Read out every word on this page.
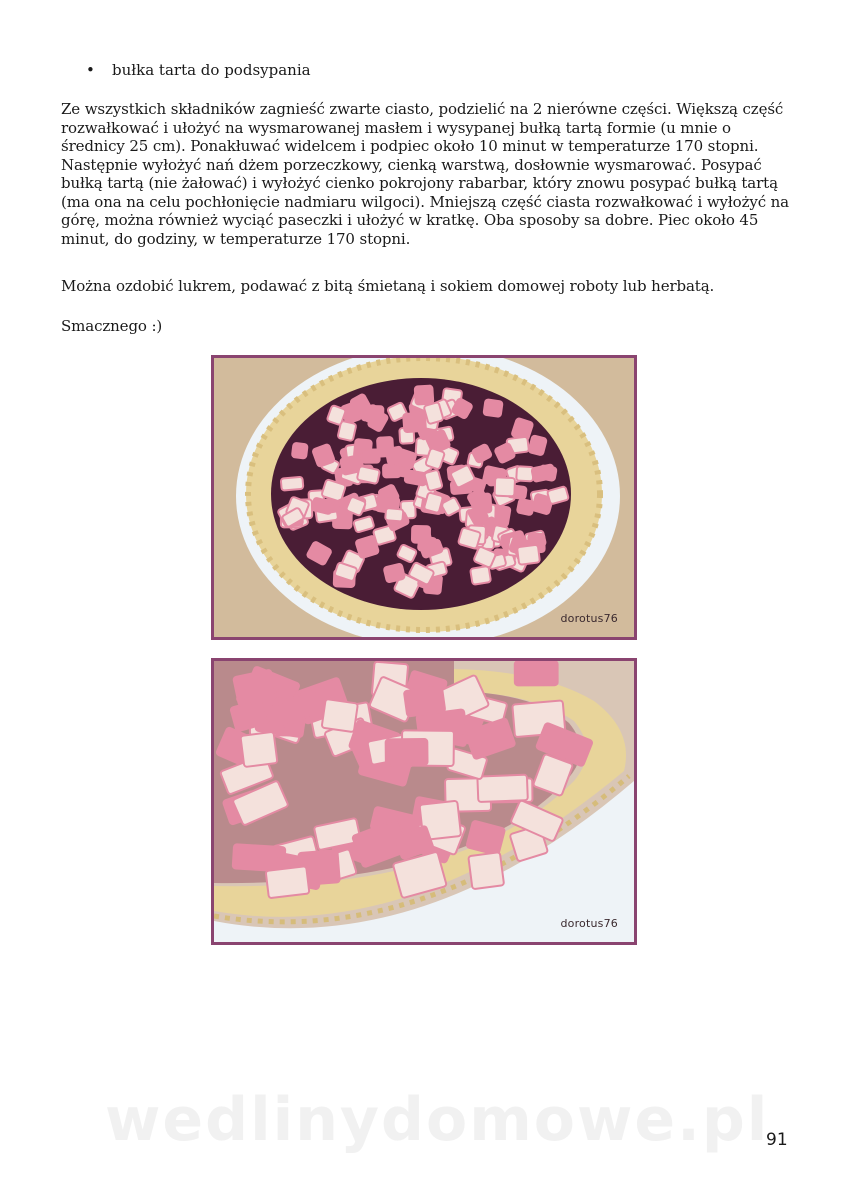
• bułka tarta do podsypania

Ze wszystkich składników zagnieść zwarte ciasto, podzielić na 2 nierówne części. Większą część rozwałkować i ułożyć na wysmarowanej masłem i wysypanej bułką tartą formie (u mnie o średnicy 25 cm). Ponakłuwać widelcem i podpiec około 10 minut w temperaturze 170 stopni. Następnie wyłożyć nań dżem porzeczkowy, cienką warstwą, dosłownie wysmarować. Posypać bułką tartą (nie żałować) i wyłożyć cienko pokrojony rabarbar, który znowu posypać bułką tartą (ma ona na celu pochłonięcie nadmiaru wilgoci). Mniejszą część ciasta rozwałkować i wyłożyć na górę, można również wyciąć paseczki i ułożyć w kratkę. Oba sposoby sa dobre. Piec około 45 minut, do godziny, w temperaturze 170 stopni.

Można ozdobić lukrem, podawać z bitą śmietaną i sokiem domowej roboty lub herbatą.

Smacznego :)

dorotus76
dorotus76
wedlinydomowe.pl
91
